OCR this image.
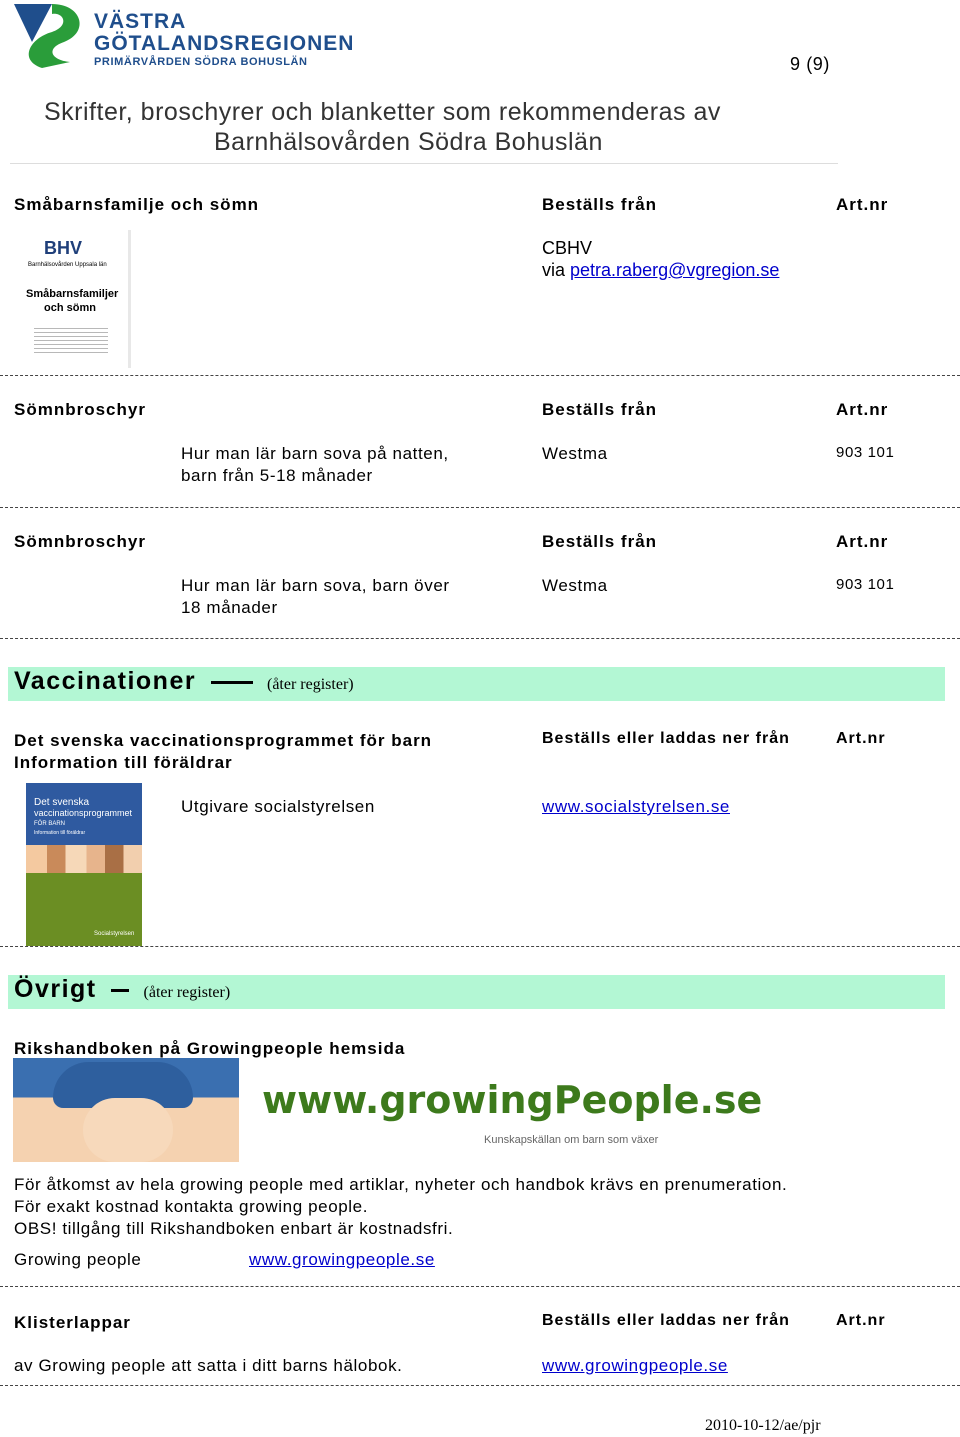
VÄSTRA
GÖTALANDSREGIONEN
PRIMÄRVÅRDEN SÖDRA BOHUSLÄN	9 (9)
Skrifter, broschyrer och blanketter som rekommenderas av
Barnhälsovården Södra Bohuslän
Småbarnsfamilje och sömn	Beställs från	Art.nr
BHV
Barnhälsovården Uppsala län
Småbarnsfamiljer
och sömn
CBHV
via petra.raberg@vgregion.se
Sömnbroschyr	Beställs från	Art.nr
Hur man lär barn sova på natten,
barn från 5-18 månader
Westma	903 101
Sömnbroschyr	Beställs från	Art.nr
Hur man lär barn sova, barn över
18 månader
Westma	903 101
Vaccinationer	(åter register)
Det svenska vaccinationsprogrammet för barn
Information till föräldrar
Beställs eller laddas ner från	Art.nr
Det svenska
vaccinationsprogrammet
FÖR BARN
Information till föräldrar
Socialstyrelsen
Utgivare socialstyrelsen	www.socialstyrelsen.se
Övrigt	(åter register)
Rikshandboken på Growingpeople hemsida
www.growingPeople.se
Kunskapskällan om barn som växer
För åtkomst av hela growing people med artiklar, nyheter och handbok krävs en prenumeration.
För exakt kostnad kontakta growing people.
OBS! tillgång till Rikshandboken enbart är kostnadsfri.
Growing people	www.growingpeople.se
Klisterlappar	Beställs eller laddas ner från	Art.nr
av Growing people att satta i ditt barns hälobok.	www.growingpeople.se
2010-10-12/ae/pjr
